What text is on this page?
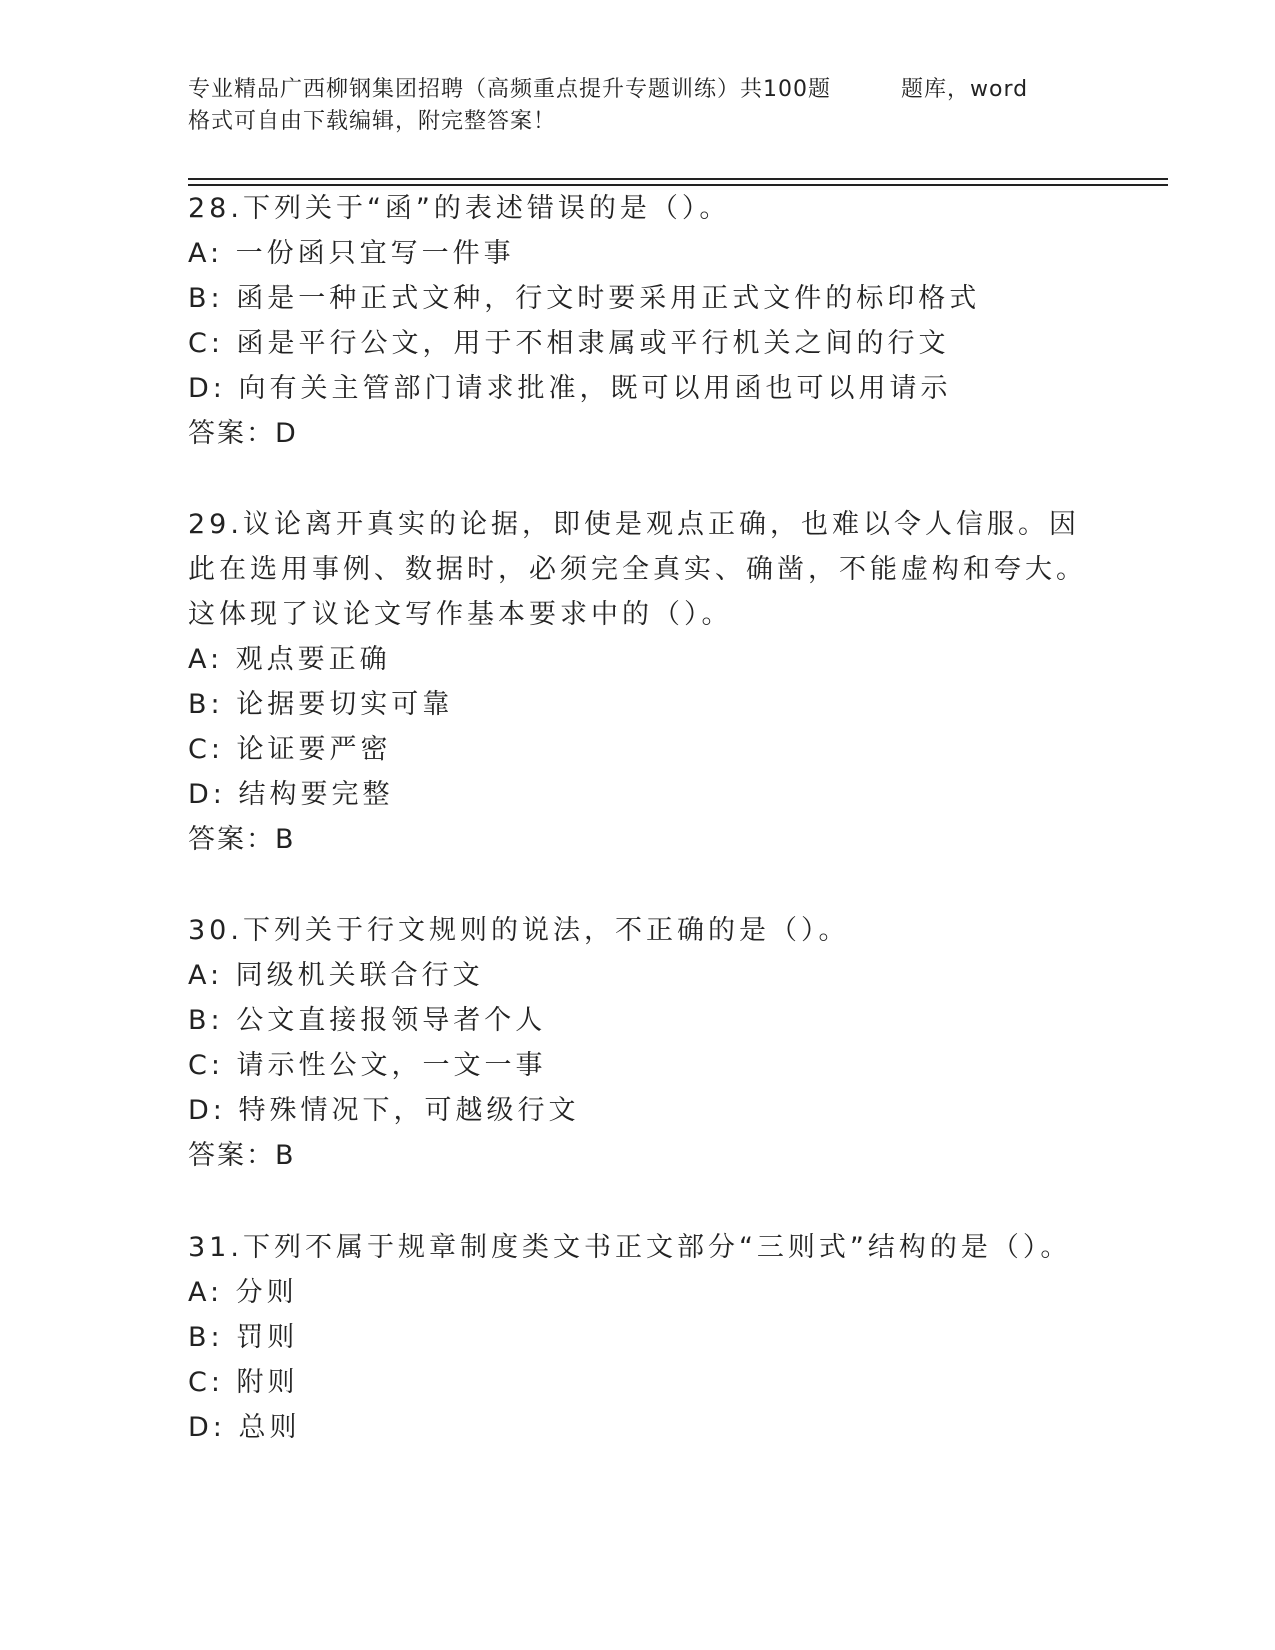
专业精品广西柳钢集团招聘（高频重点提升专题训练）共100题	题库，word
格式可自由下载编辑，附完整答案！
28.下列关于“函”的表述错误的是（）。
A: 一份函只宜写一件事
B: 函是一种正式文种，行文时要采用正式文件的标印格式
C: 函是平行公文，用于不相隶属或平行机关之间的行文
D: 向有关主管部门请求批准，既可以用函也可以用请示
答案：D
29.议论离开真实的论据，即使是观点正确，也难以令人信服。因此在选用事例、数据时，必须完全真实、确凿，不能虚构和夸大。这体现了议论文写作基本要求中的（）。
A: 观点要正确
B: 论据要切实可靠
C: 论证要严密
D: 结构要完整
答案：B
30.下列关于行文规则的说法，不正确的是（）。
A: 同级机关联合行文
B: 公文直接报领导者个人
C: 请示性公文，一文一事
D: 特殊情况下，可越级行文
答案：B
31.下列不属于规章制度类文书正文部分“三则式”结构的是（）。
A: 分则
B: 罚则
C: 附则
D: 总则
